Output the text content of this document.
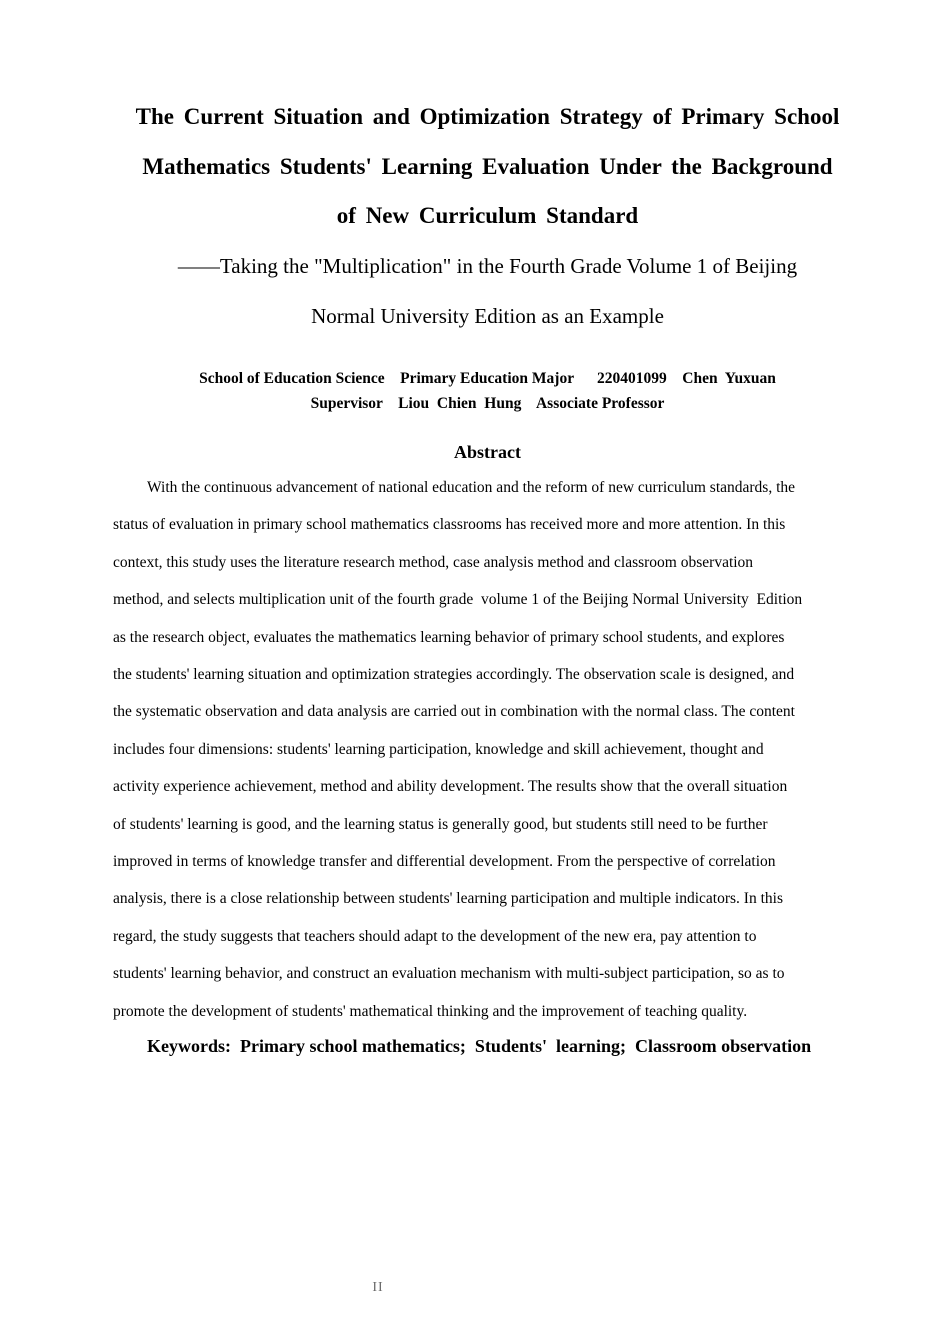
The Current Situation and Optimization Strategy of Primary School
Mathematics Students' Learning Evaluation Under the Background
of New Curriculum Standard
——Taking the "Multiplication" in the Fourth Grade Volume 1 of Beijing
Normal University Edition as an Example
School of Education Science    Primary Education Major      220401099    Chen  Yuxuan
Supervisor    Liou  Chien  Hung    Associate Professor
Abstract
With the continuous advancement of national education and the reform of new curriculum standards, the
status of evaluation in primary school mathematics classrooms has received more and more attention. In this
context, this study uses the literature research method, case analysis method and classroom observation
method, and selects multiplication unit of the fourth grade  volume 1 of the Beijing Normal University  Edition
as the research object, evaluates the mathematics learning behavior of primary school students, and explores
the students' learning situation and optimization strategies accordingly. The observation scale is designed, and
the systematic observation and data analysis are carried out in combination with the normal class. The content
includes four dimensions: students' learning participation, knowledge and skill achievement, thought and
activity experience achievement, method and ability development. The results show that the overall situation
of students' learning is good, and the learning status is generally good, but students still need to be further
improved in terms of knowledge transfer and differential development. From the perspective of correlation
analysis, there is a close relationship between students' learning participation and multiple indicators. In this
regard, the study suggests that teachers should adapt to the development of the new era, pay attention to
students' learning behavior, and construct an evaluation mechanism with multi-subject participation, so as to
promote the development of students' mathematical thinking and the improvement of teaching quality.
Keywords:  Primary school mathematics;  Students'  learning;  Classroom observation
II
